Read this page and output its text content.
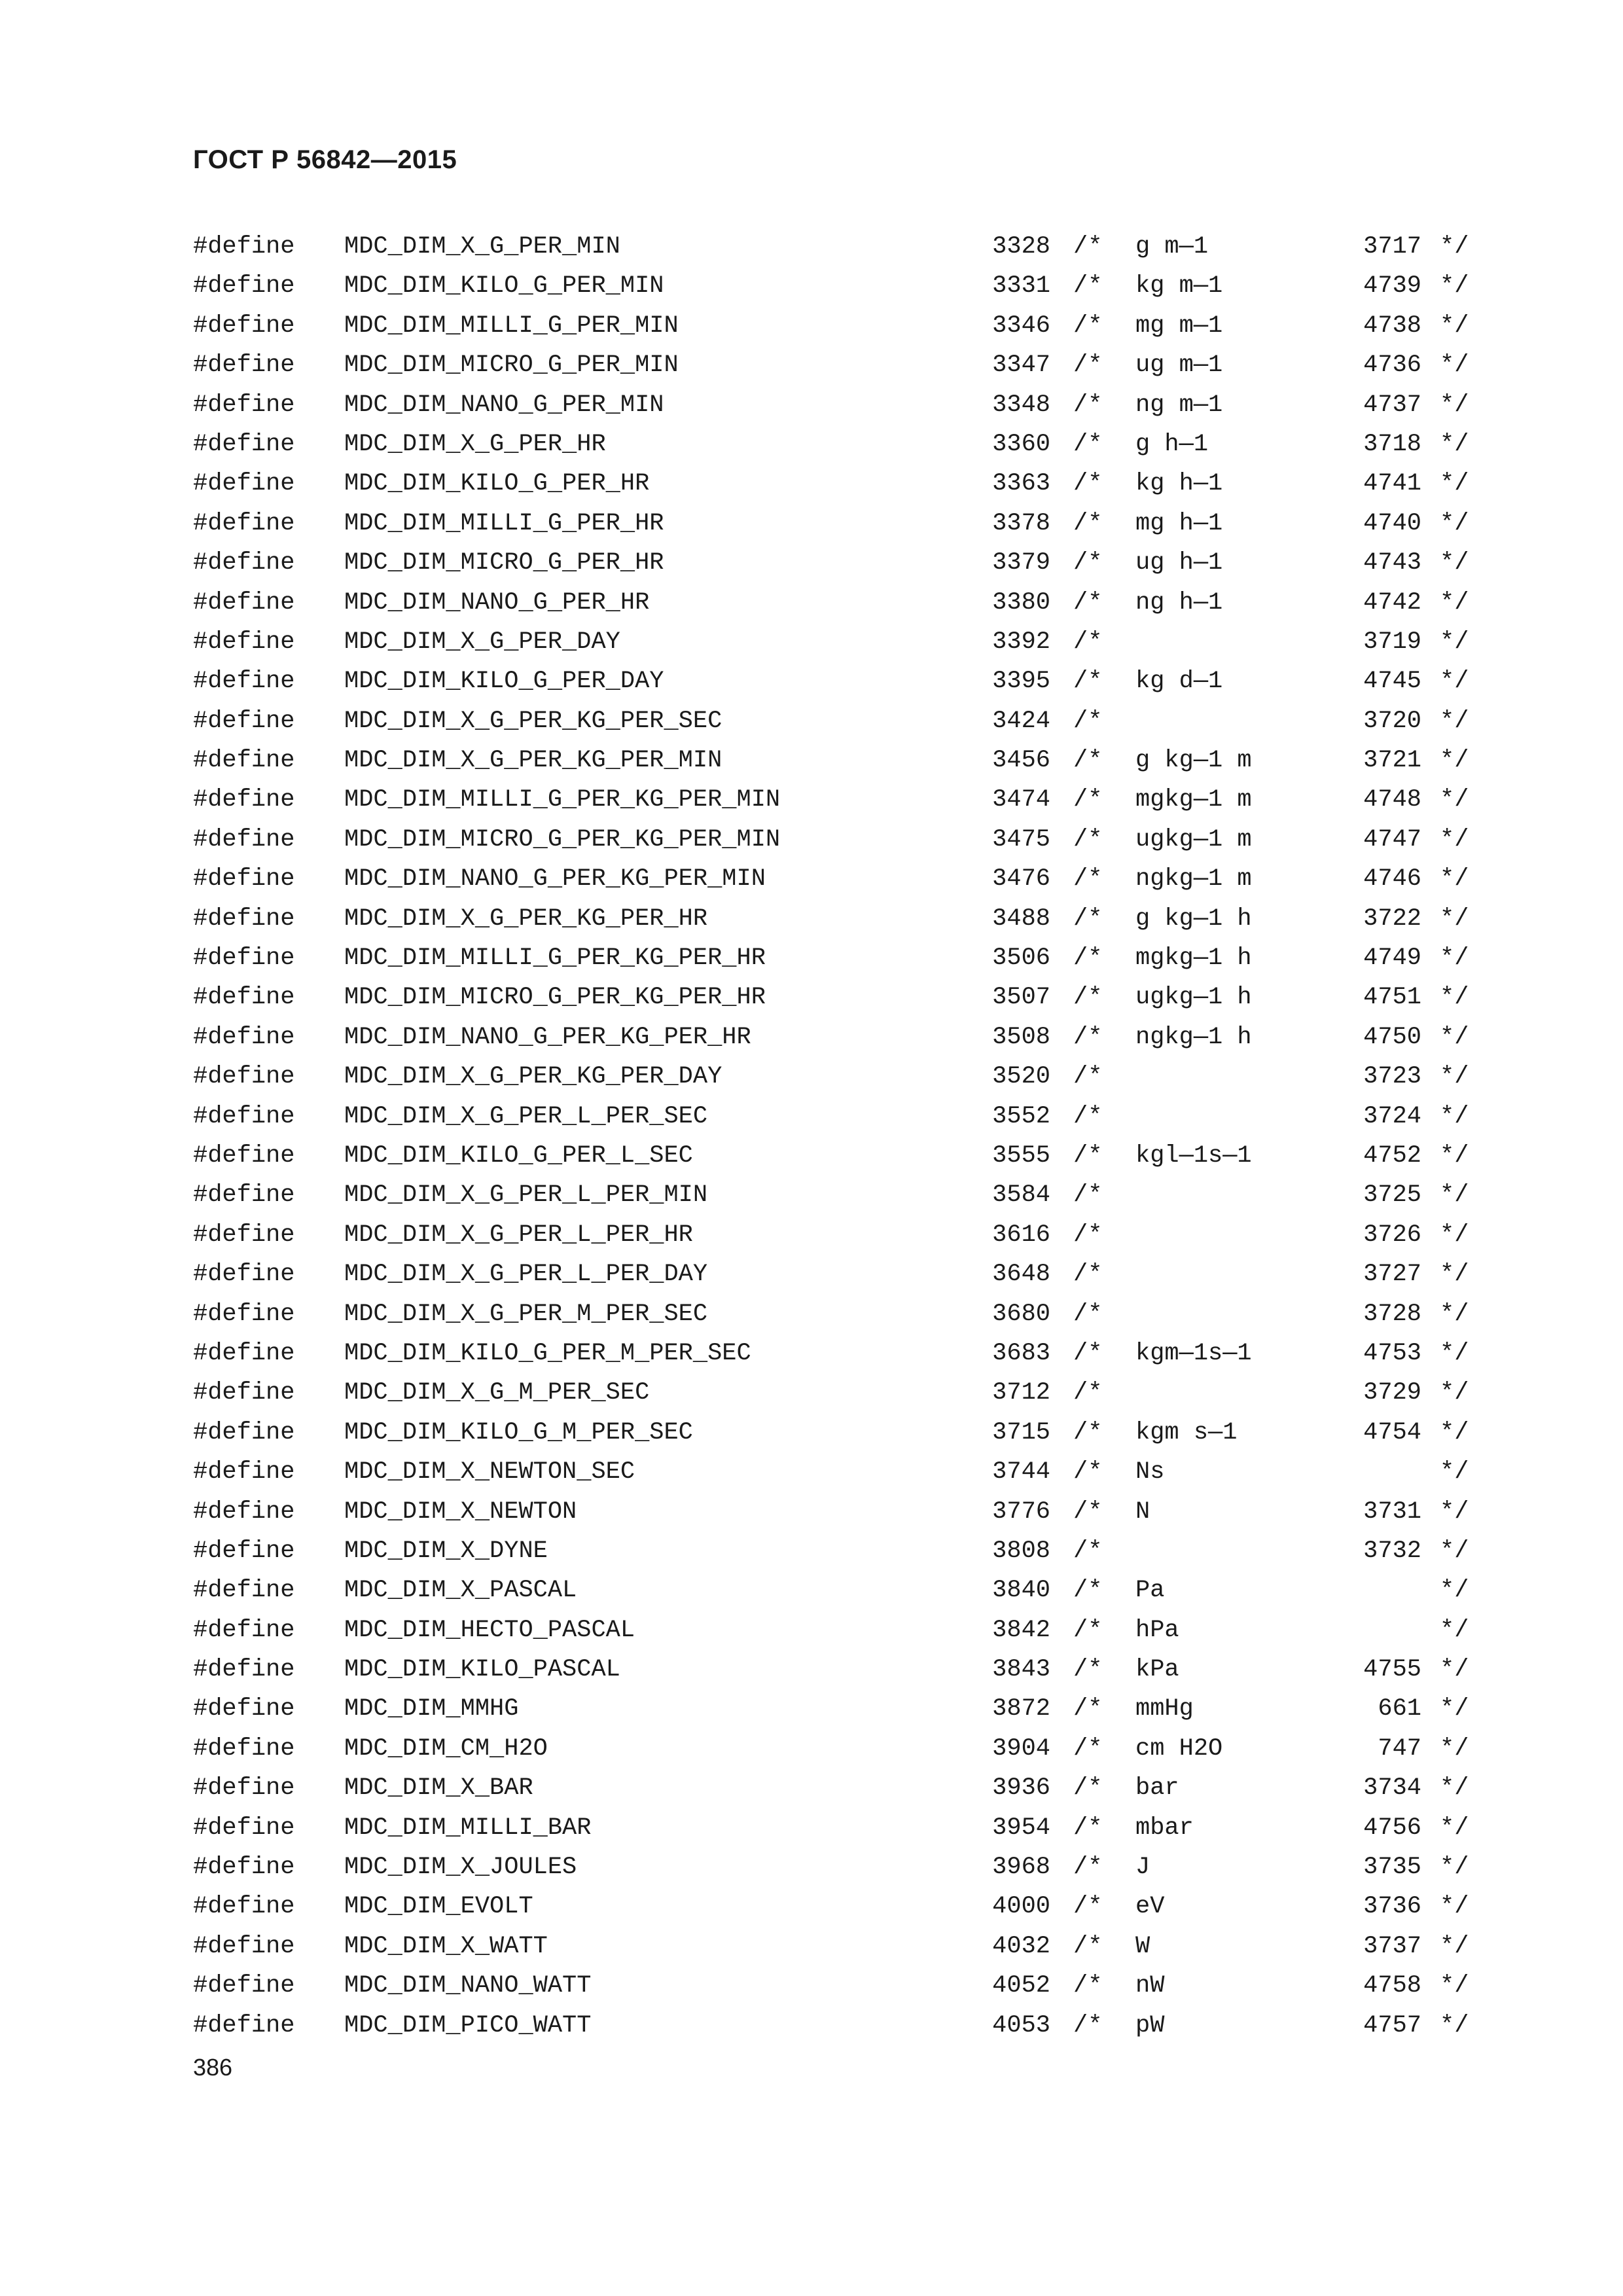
ГОСТ Р 56842—2015
#define MDC_DIM_X_G_PER_MIN	3328 /* g m—1	3717 */
#define MDC_DIM_KILO_G_PER_MIN	3331 /* kg m—1	4739 */
#define MDC_DIM_MILLI_G_PER_MIN	3346 /* mg m—1	4738 */
#define MDC_DIM_MICRO_G_PER_MIN	3347 /* ug m—1	4736 */
#define MDC_DIM_NANO_G_PER_MIN	3348 /* ng m—1	4737 */
#define MDC_DIM_X_G_PER_HR	3360 /* g h—1	3718 */
#define MDC_DIM_KILO_G_PER_HR	3363 /* kg h—1	4741 */
#define MDC_DIM_MILLI_G_PER_HR	3378 /* mg h—1	4740 */
#define MDC_DIM_MICRO_G_PER_HR	3379 /* ug h—1	4743 */
#define MDC_DIM_NANO_G_PER_HR	3380 /* ng h—1	4742 */
#define MDC_DIM_X_G_PER_DAY	3392 /*	3719 */
#define MDC_DIM_KILO_G_PER_DAY	3395 /* kg d—1	4745 */
#define MDC_DIM_X_G_PER_KG_PER_SEC	3424 /*	3720 */
#define MDC_DIM_X_G_PER_KG_PER_MIN	3456 /* g kg—1 m	3721 */
#define MDC_DIM_MILLI_G_PER_KG_PER_MIN	3474 /* mgkg—1 m	4748 */
#define MDC_DIM_MICRO_G_PER_KG_PER_MIN	3475 /* ugkg—1 m	4747 */
#define MDC_DIM_NANO_G_PER_KG_PER_MIN	3476 /* ngkg—1 m	4746 */
#define MDC_DIM_X_G_PER_KG_PER_HR	3488 /* g kg—1 h	3722 */
#define MDC_DIM_MILLI_G_PER_KG_PER_HR	3506 /* mgkg—1 h	4749 */
#define MDC_DIM_MICRO_G_PER_KG_PER_HR	3507 /* ugkg—1 h	4751 */
#define MDC_DIM_NANO_G_PER_KG_PER_HR	3508 /* ngkg—1 h	4750 */
#define MDC_DIM_X_G_PER_KG_PER_DAY	3520 /*	3723 */
#define MDC_DIM_X_G_PER_L_PER_SEC	3552 /*	3724 */
#define MDC_DIM_KILO_G_PER_L_SEC	3555 /* kgl—1s—1	4752 */
#define MDC_DIM_X_G_PER_L_PER_MIN	3584 /*	3725 */
#define MDC_DIM_X_G_PER_L_PER_HR	3616 /*	3726 */
#define MDC_DIM_X_G_PER_L_PER_DAY	3648 /*	3727 */
#define MDC_DIM_X_G_PER_M_PER_SEC	3680 /*	3728 */
#define MDC_DIM_KILO_G_PER_M_PER_SEC	3683 /* kgm—1s—1	4753 */
#define MDC_DIM_X_G_M_PER_SEC	3712 /*	3729 */
#define MDC_DIM_KILO_G_M_PER_SEC	3715 /* kgm s—1	4754 */
#define MDC_DIM_X_NEWTON_SEC	3744 /* Ns	*/
#define MDC_DIM_X_NEWTON	3776 /* N	3731 */
#define MDC_DIM_X_DYNE	3808 /*	3732 */
#define MDC_DIM_X_PASCAL	3840 /* Pa	*/
#define MDC_DIM_HECTO_PASCAL	3842 /* hPa	*/
#define MDC_DIM_KILO_PASCAL	3843 /* kPa	4755 */
#define MDC_DIM_MMHG	3872 /* mmHg	661 */
#define MDC_DIM_CM_H2O	3904 /* cm H2O	747 */
#define MDC_DIM_X_BAR	3936 /* bar	3734 */
#define MDC_DIM_MILLI_BAR	3954 /* mbar	4756 */
#define MDC_DIM_X_JOULES	3968 /* J	3735 */
#define MDC_DIM_EVOLT	4000 /* eV	3736 */
#define MDC_DIM_X_WATT	4032 /* W	3737 */
#define MDC_DIM_NANO_WATT	4052 /* nW	4758 */
#define MDC_DIM_PICO_WATT	4053 /* pW	4757 */
386
